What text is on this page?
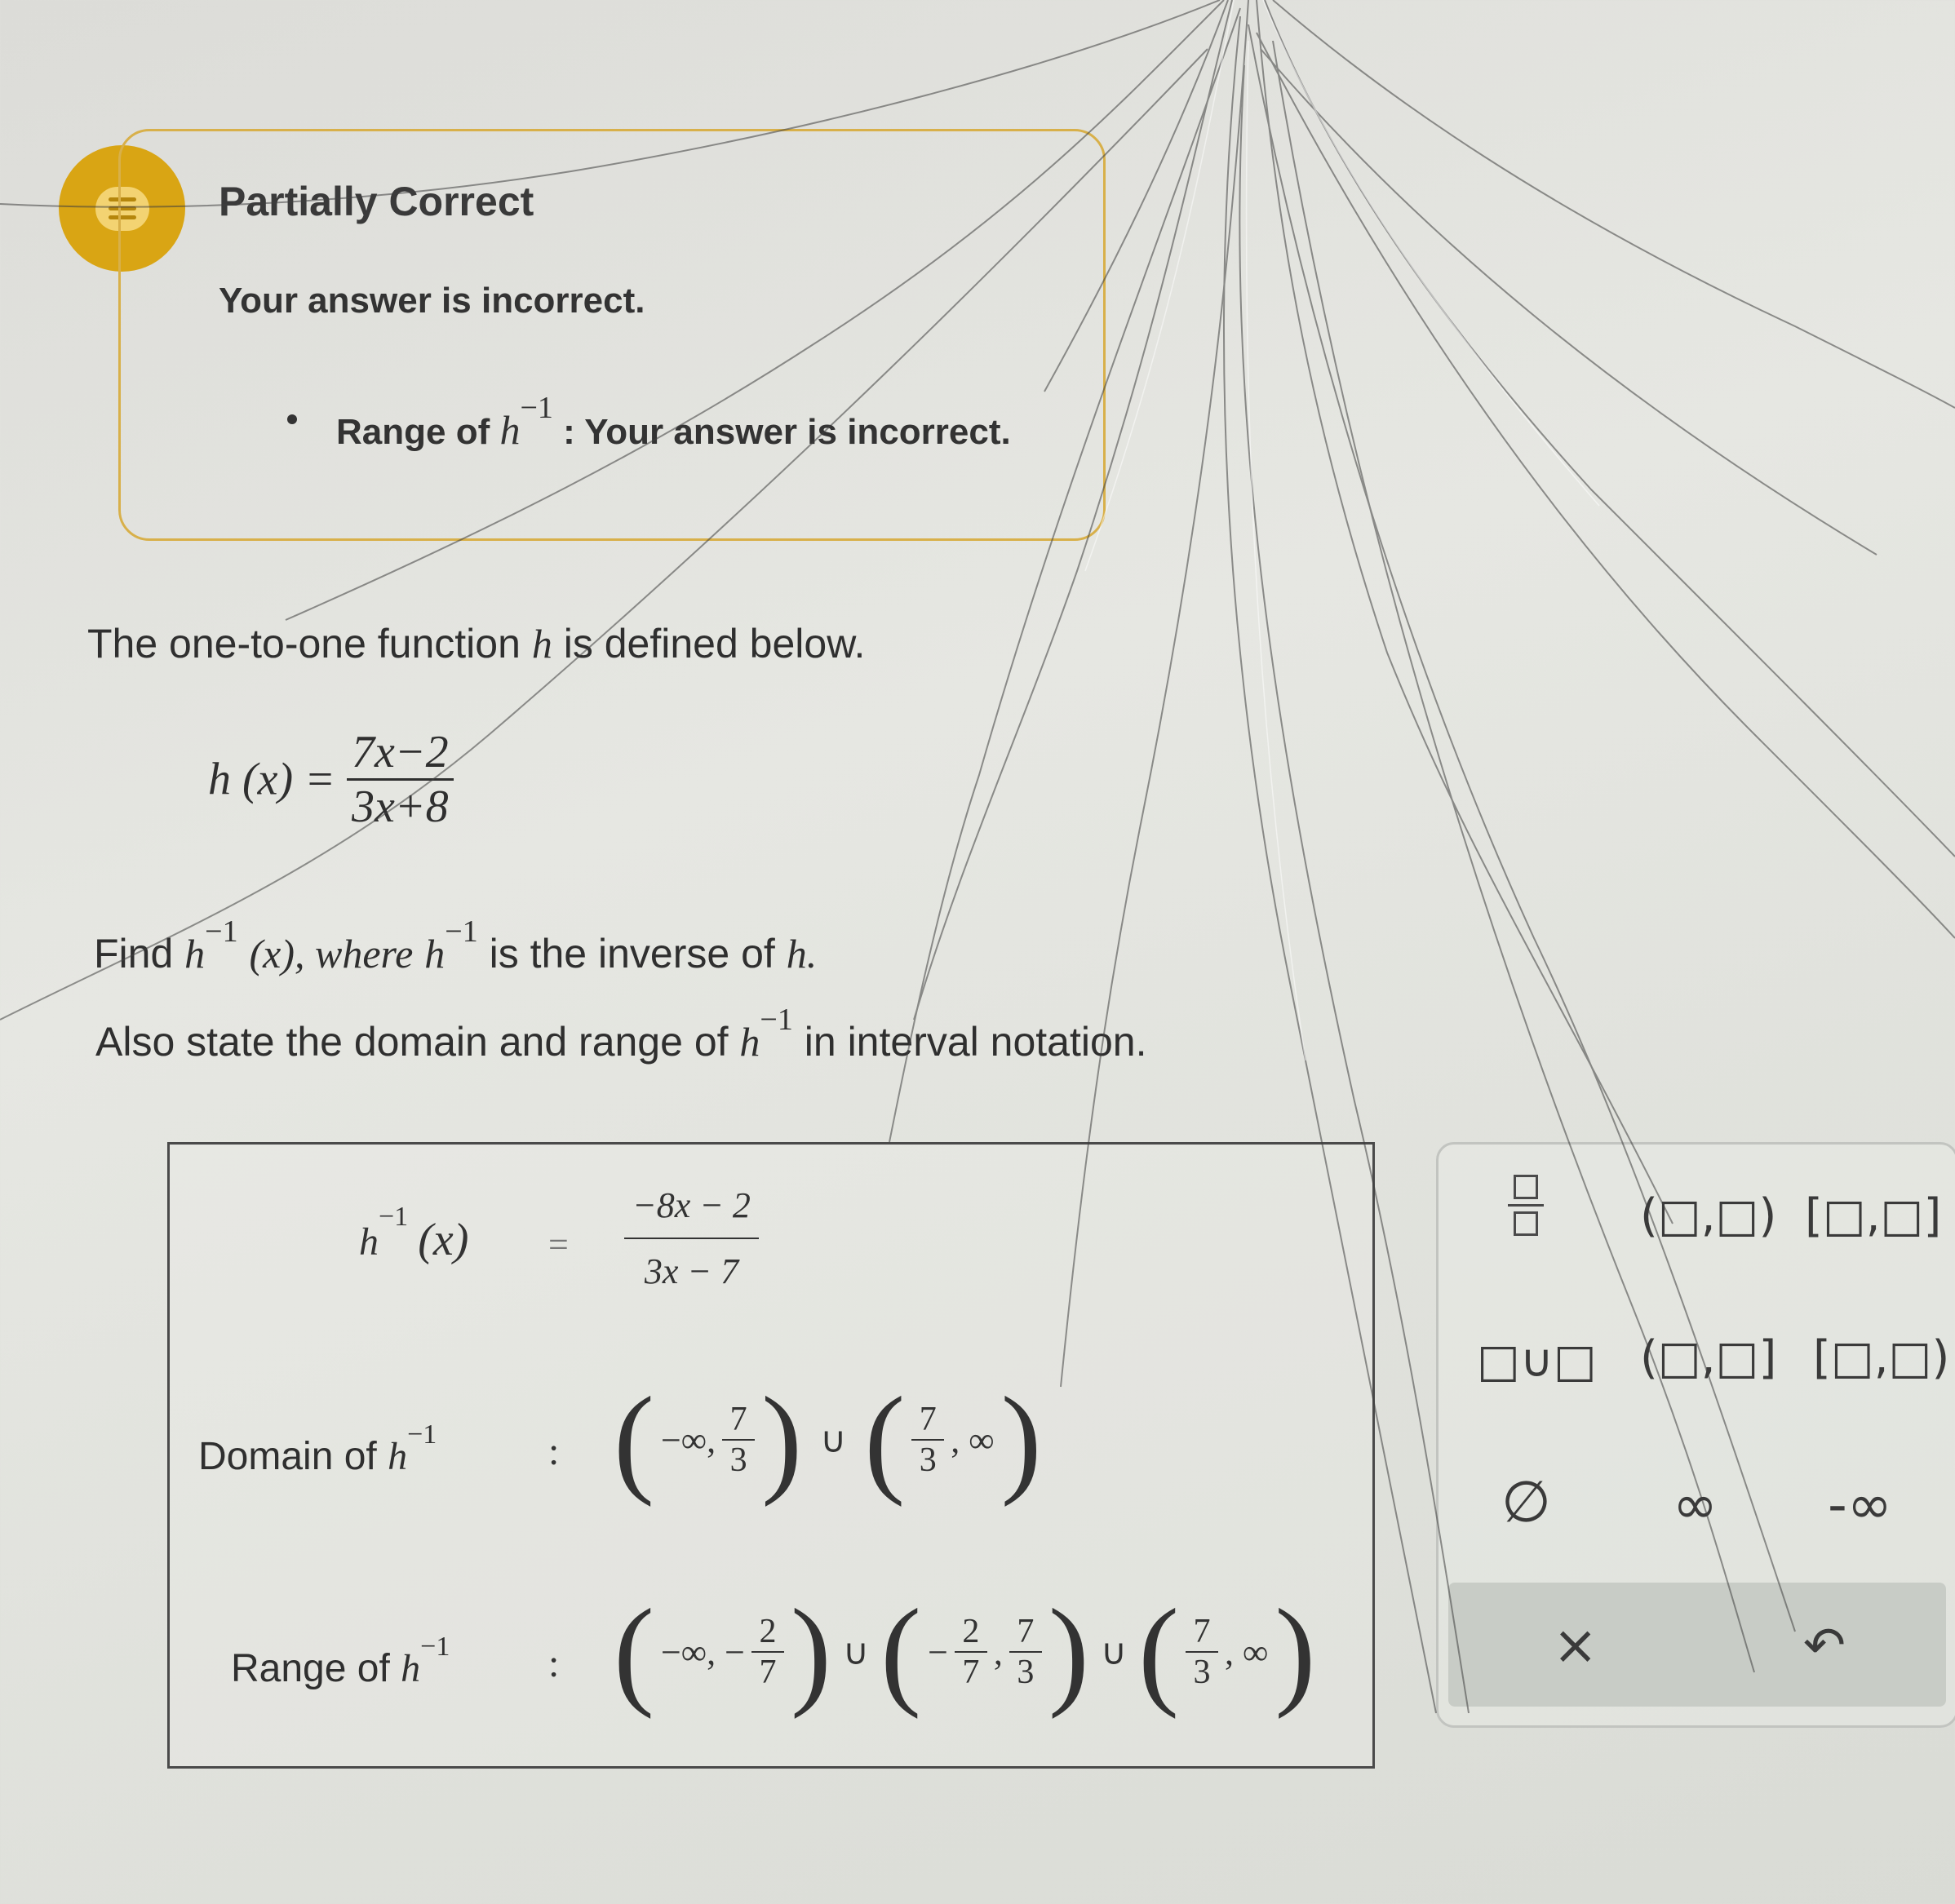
Partially Correct
Your answer is incorrect.
Range of h−1 : Your answer is incorrect.
The one-to-one function h is defined below.
h $(x) = \frac{7x-2}{3x+8}$
Find $h^{-1}$ (x), where $h^{-1}$ is the inverse of h.
Also state the domain and range of $h^{-1}$ in interval notation.
$h^{-1}$ $(x) = \frac{-8x - 2}{3x - 7}$
Domain of $h^{-1}$	: ( −∞,
7
3 ) ∪ ( 7
3
, ∞ )
Range of $h^{-1}$	: ( −∞, −
2
7 ) ∪ ( −
2
7
,
7
3 ) ∪ ( 7
3
, ∞ )
(□,□) [□,□]
□∪□ (□,□] [□,□)
∅ ∞ -∞
×	↶
